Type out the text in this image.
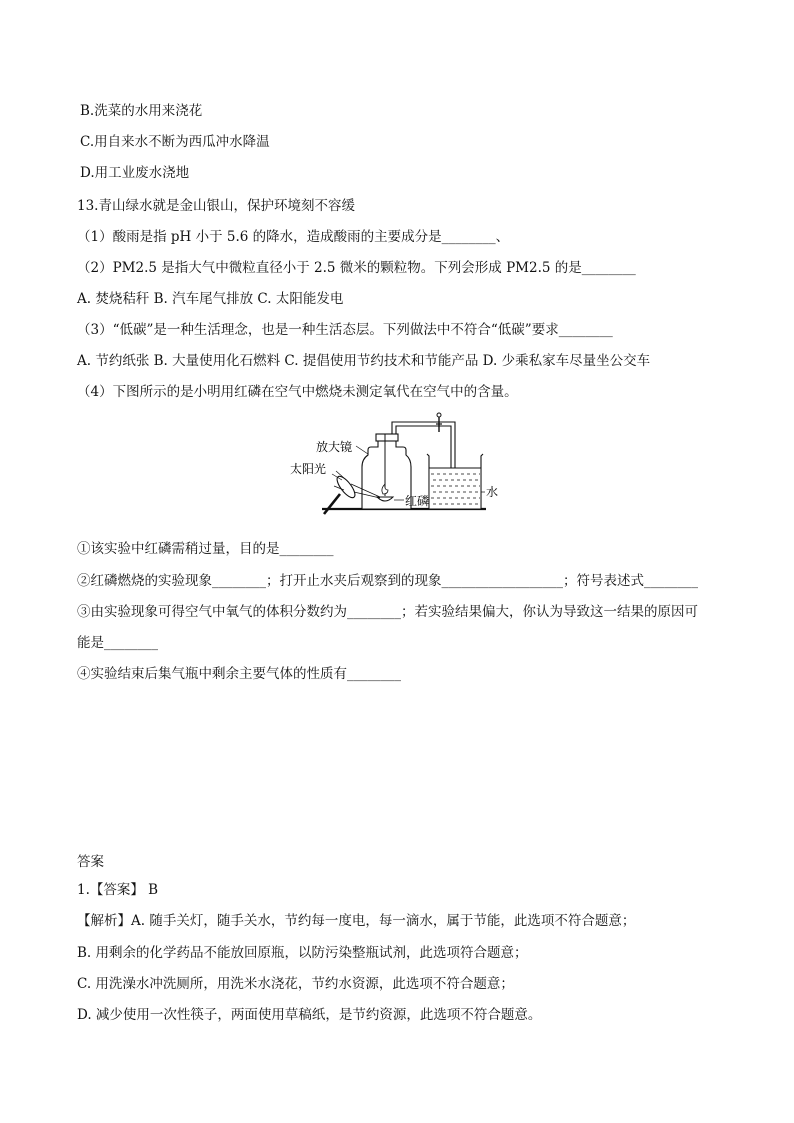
B.洗菜的水用来浇花
C.用自来水不断为西瓜冲水降温
D.用工业废水浇地
13.青山绿水就是金山银山，保护环境刻不容缓
（1）酸雨是指 pH 小于 5.6 的降水，造成酸雨的主要成分是________、
（2）PM2.5 是指大气中微粒直径小于 2.5 微米的颗粒物。下列会形成 PM2.5 的是________
A. 焚烧秸秆 B. 汽车尾气排放 C. 太阳能发电
（3）“低碳”是一种生活理念，也是一种生活态层。下列做法中不符合“低碳”要求________
A. 节约纸张 B. 大量使用化石燃料 C. 提倡使用节约技术和节能产品 D. 少乘私家车尽量坐公交车
（4）下图所示的是小明用红磷在空气中燃烧未测定氧代在空气中的含量。
放大镜
太阳光
红磷
水
①该实验中红磷需稍过量，目的是________
②红磷燃烧的实验现象________；打开止水夹后观察到的现象__________________；符号表述式________
③由实验现象可得空气中氧气的体积分数约为________；若实验结果偏大，你认为导致这一结果的原因可
能是________
④实验结束后集气瓶中剩余主要气体的性质有________
答案
1.【答案】 B
【解析】A. 随手关灯，随手关水，节约每一度电，每一滴水，属于节能，此选项不符合题意；
B. 用剩余的化学药品不能放回原瓶，以防污染整瓶试剂，此选项符合题意；
C. 用洗澡水冲洗厕所，用洗米水浇花，节约水资源，此选项不符合题意；
D. 减少使用一次性筷子，两面使用草稿纸，是节约资源，此选项不符合题意。
